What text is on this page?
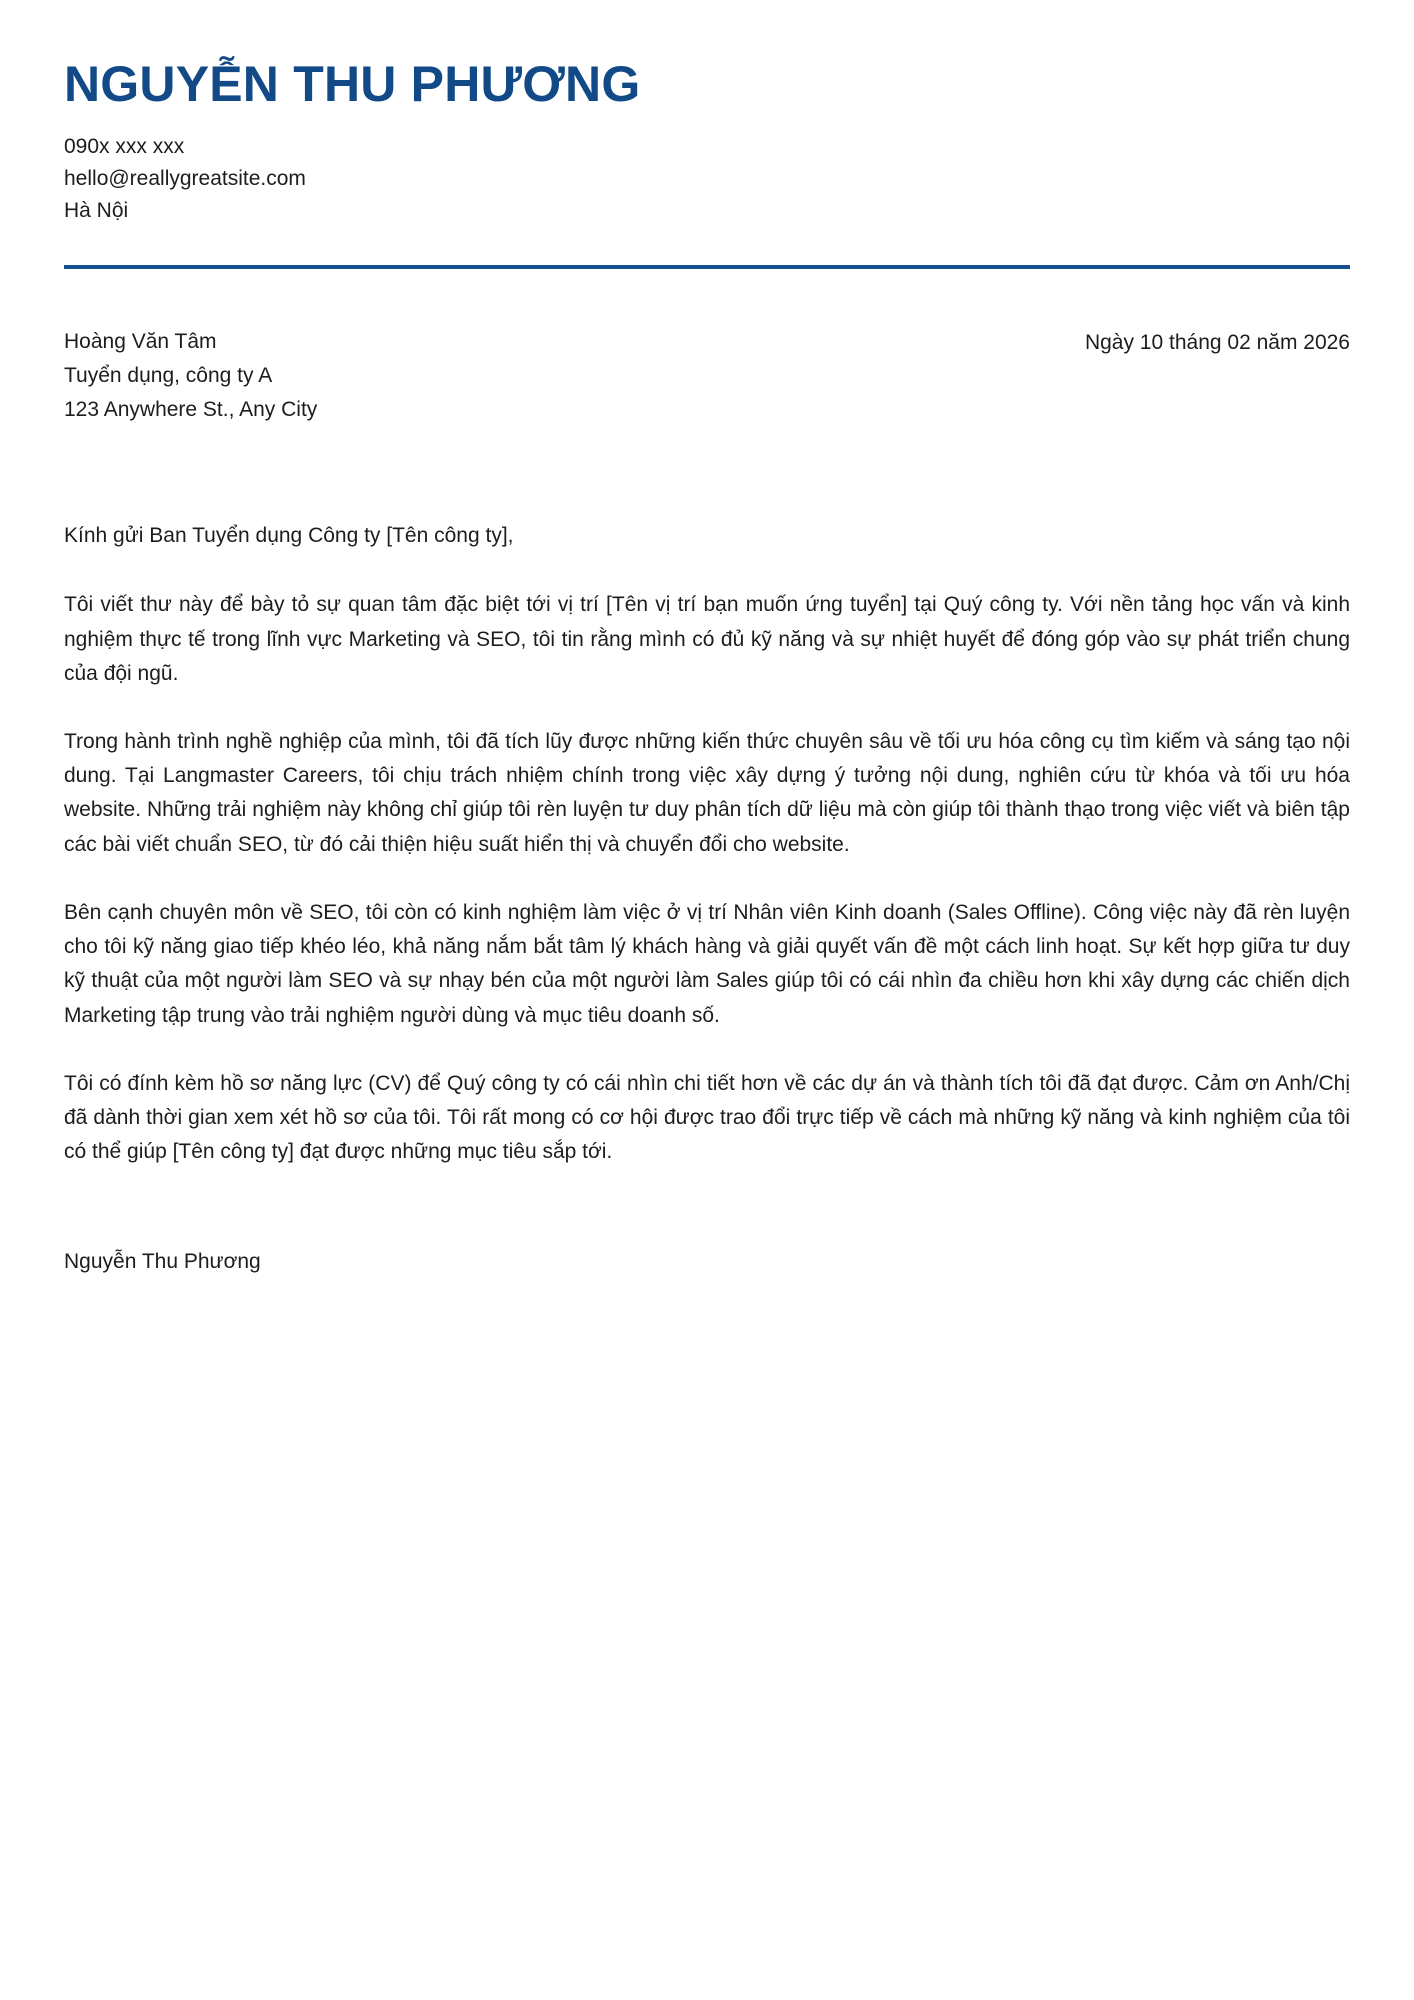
NGUYỄN THU PHƯƠNG
090x xxx xxx
hello@reallygreatsite.com
Hà Nội
Hoàng Văn Tâm
Tuyển dụng, công ty A
123 Anywhere St., Any City
Ngày 10 tháng 02 năm 2026

Kính gửi Ban Tuyển dụng Công ty [Tên công ty],

Tôi viết thư này để bày tỏ sự quan tâm đặc biệt tới vị trí [Tên vị trí bạn muốn ứng tuyển] tại Quý công ty. Với nền tảng học vấn và kinh nghiệm thực tế trong lĩnh vực Marketing và SEO, tôi tin rằng mình có đủ kỹ năng và sự nhiệt huyết để đóng góp vào sự phát triển chung của đội ngũ.

Trong hành trình nghề nghiệp của mình, tôi đã tích lũy được những kiến thức chuyên sâu về tối ưu hóa công cụ tìm kiếm và sáng tạo nội dung. Tại Langmaster Careers, tôi chịu trách nhiệm chính trong việc xây dựng ý tưởng nội dung, nghiên cứu từ khóa và tối ưu hóa website. Những trải nghiệm này không chỉ giúp tôi rèn luyện tư duy phân tích dữ liệu mà còn giúp tôi thành thạo trong việc viết và biên tập các bài viết chuẩn SEO, từ đó cải thiện hiệu suất hiển thị và chuyển đổi cho website.

Bên cạnh chuyên môn về SEO, tôi còn có kinh nghiệm làm việc ở vị trí Nhân viên Kinh doanh (Sales Offline). Công việc này đã rèn luyện cho tôi kỹ năng giao tiếp khéo léo, khả năng nắm bắt tâm lý khách hàng và giải quyết vấn đề một cách linh hoạt. Sự kết hợp giữa tư duy kỹ thuật của một người làm SEO và sự nhạy bén của một người làm Sales giúp tôi có cái nhìn đa chiều hơn khi xây dựng các chiến dịch Marketing tập trung vào trải nghiệm người dùng và mục tiêu doanh số.

Tôi có đính kèm hồ sơ năng lực (CV) để Quý công ty có cái nhìn chi tiết hơn về các dự án và thành tích tôi đã đạt được. Cảm ơn Anh/Chị đã dành thời gian xem xét hồ sơ của tôi. Tôi rất mong có cơ hội được trao đổi trực tiếp về cách mà những kỹ năng và kinh nghiệm của tôi có thể giúp [Tên công ty] đạt được những mục tiêu sắp tới.

Nguyễn Thu Phương
